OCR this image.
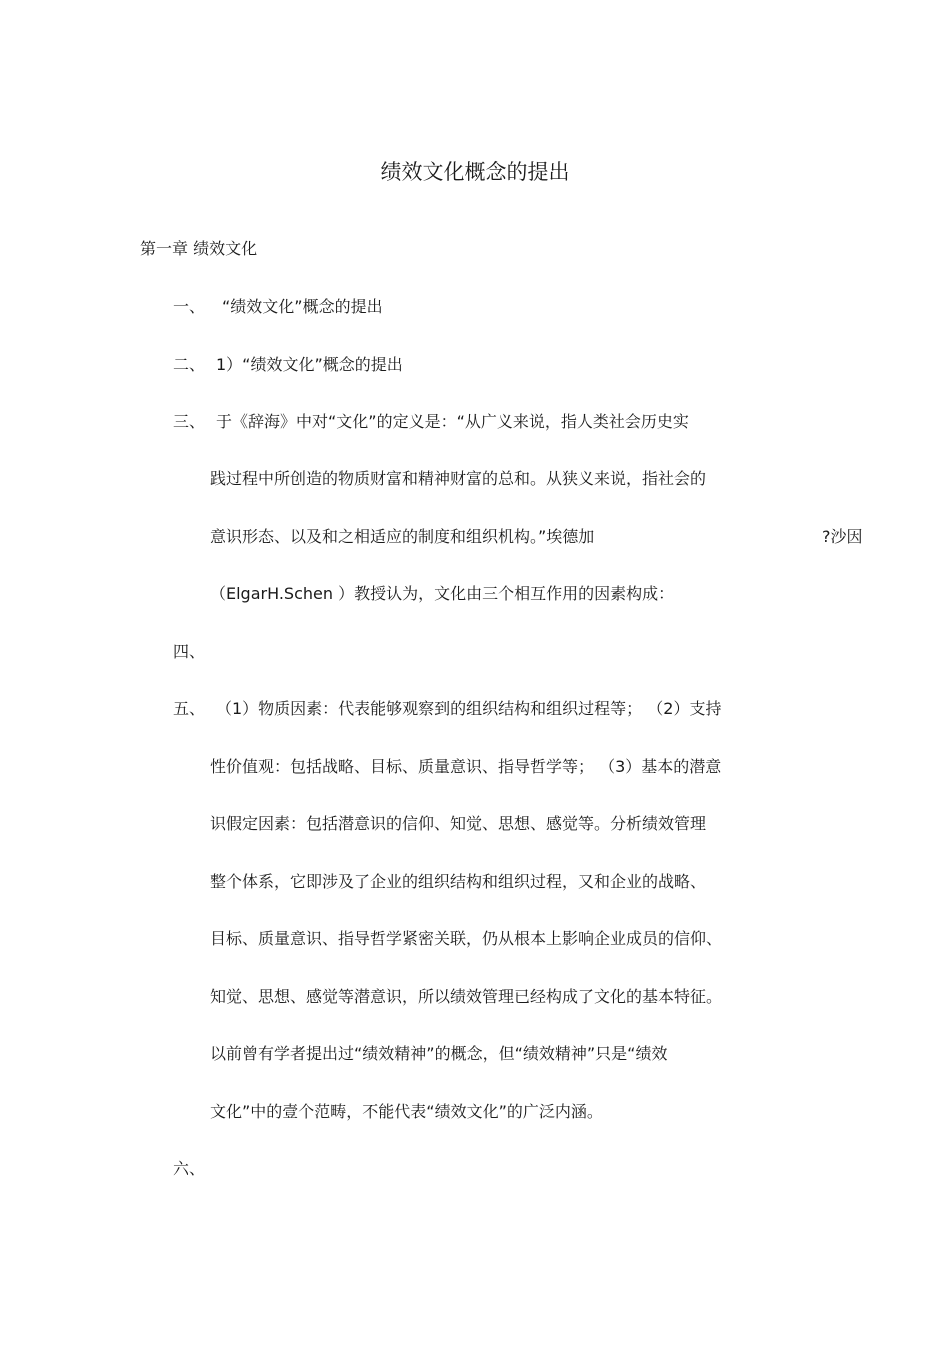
绩效文化概念的提出
第一章 绩效文化
一、 “绩效文化”概念的提出
二、 1）“绩效文化”概念的提出
三、 于《辞海》中对“文化”的定义是：“从广义来说，指人类社会历史实
践过程中所创造的物质财富和精神财富的总和。从狭义来说，指社会的
意识形态、以及和之相适应的制度和组织机构。”埃德加	?沙因
（ElgarH.Schen ）教授认为，文化由三个相互作用的因素构成：
四、
五、 （1）物质因素：代表能够观察到的组织结构和组织过程等； （2）支持
性价值观：包括战略、目标、质量意识、指导哲学等； （3）基本的潜意
识假定因素：包括潜意识的信仰、知觉、思想、感觉等。分析绩效管理
整个体系，它即涉及了企业的组织结构和组织过程，又和企业的战略、
目标、质量意识、指导哲学紧密关联，仍从根本上影响企业成员的信仰、
知觉、思想、感觉等潜意识，所以绩效管理已经构成了文化的基本特征。
以前曾有学者提出过“绩效精神”的概念，但“绩效精神”只是“绩效
文化”中的壹个范畴，不能代表“绩效文化”的广泛内涵。
六、
